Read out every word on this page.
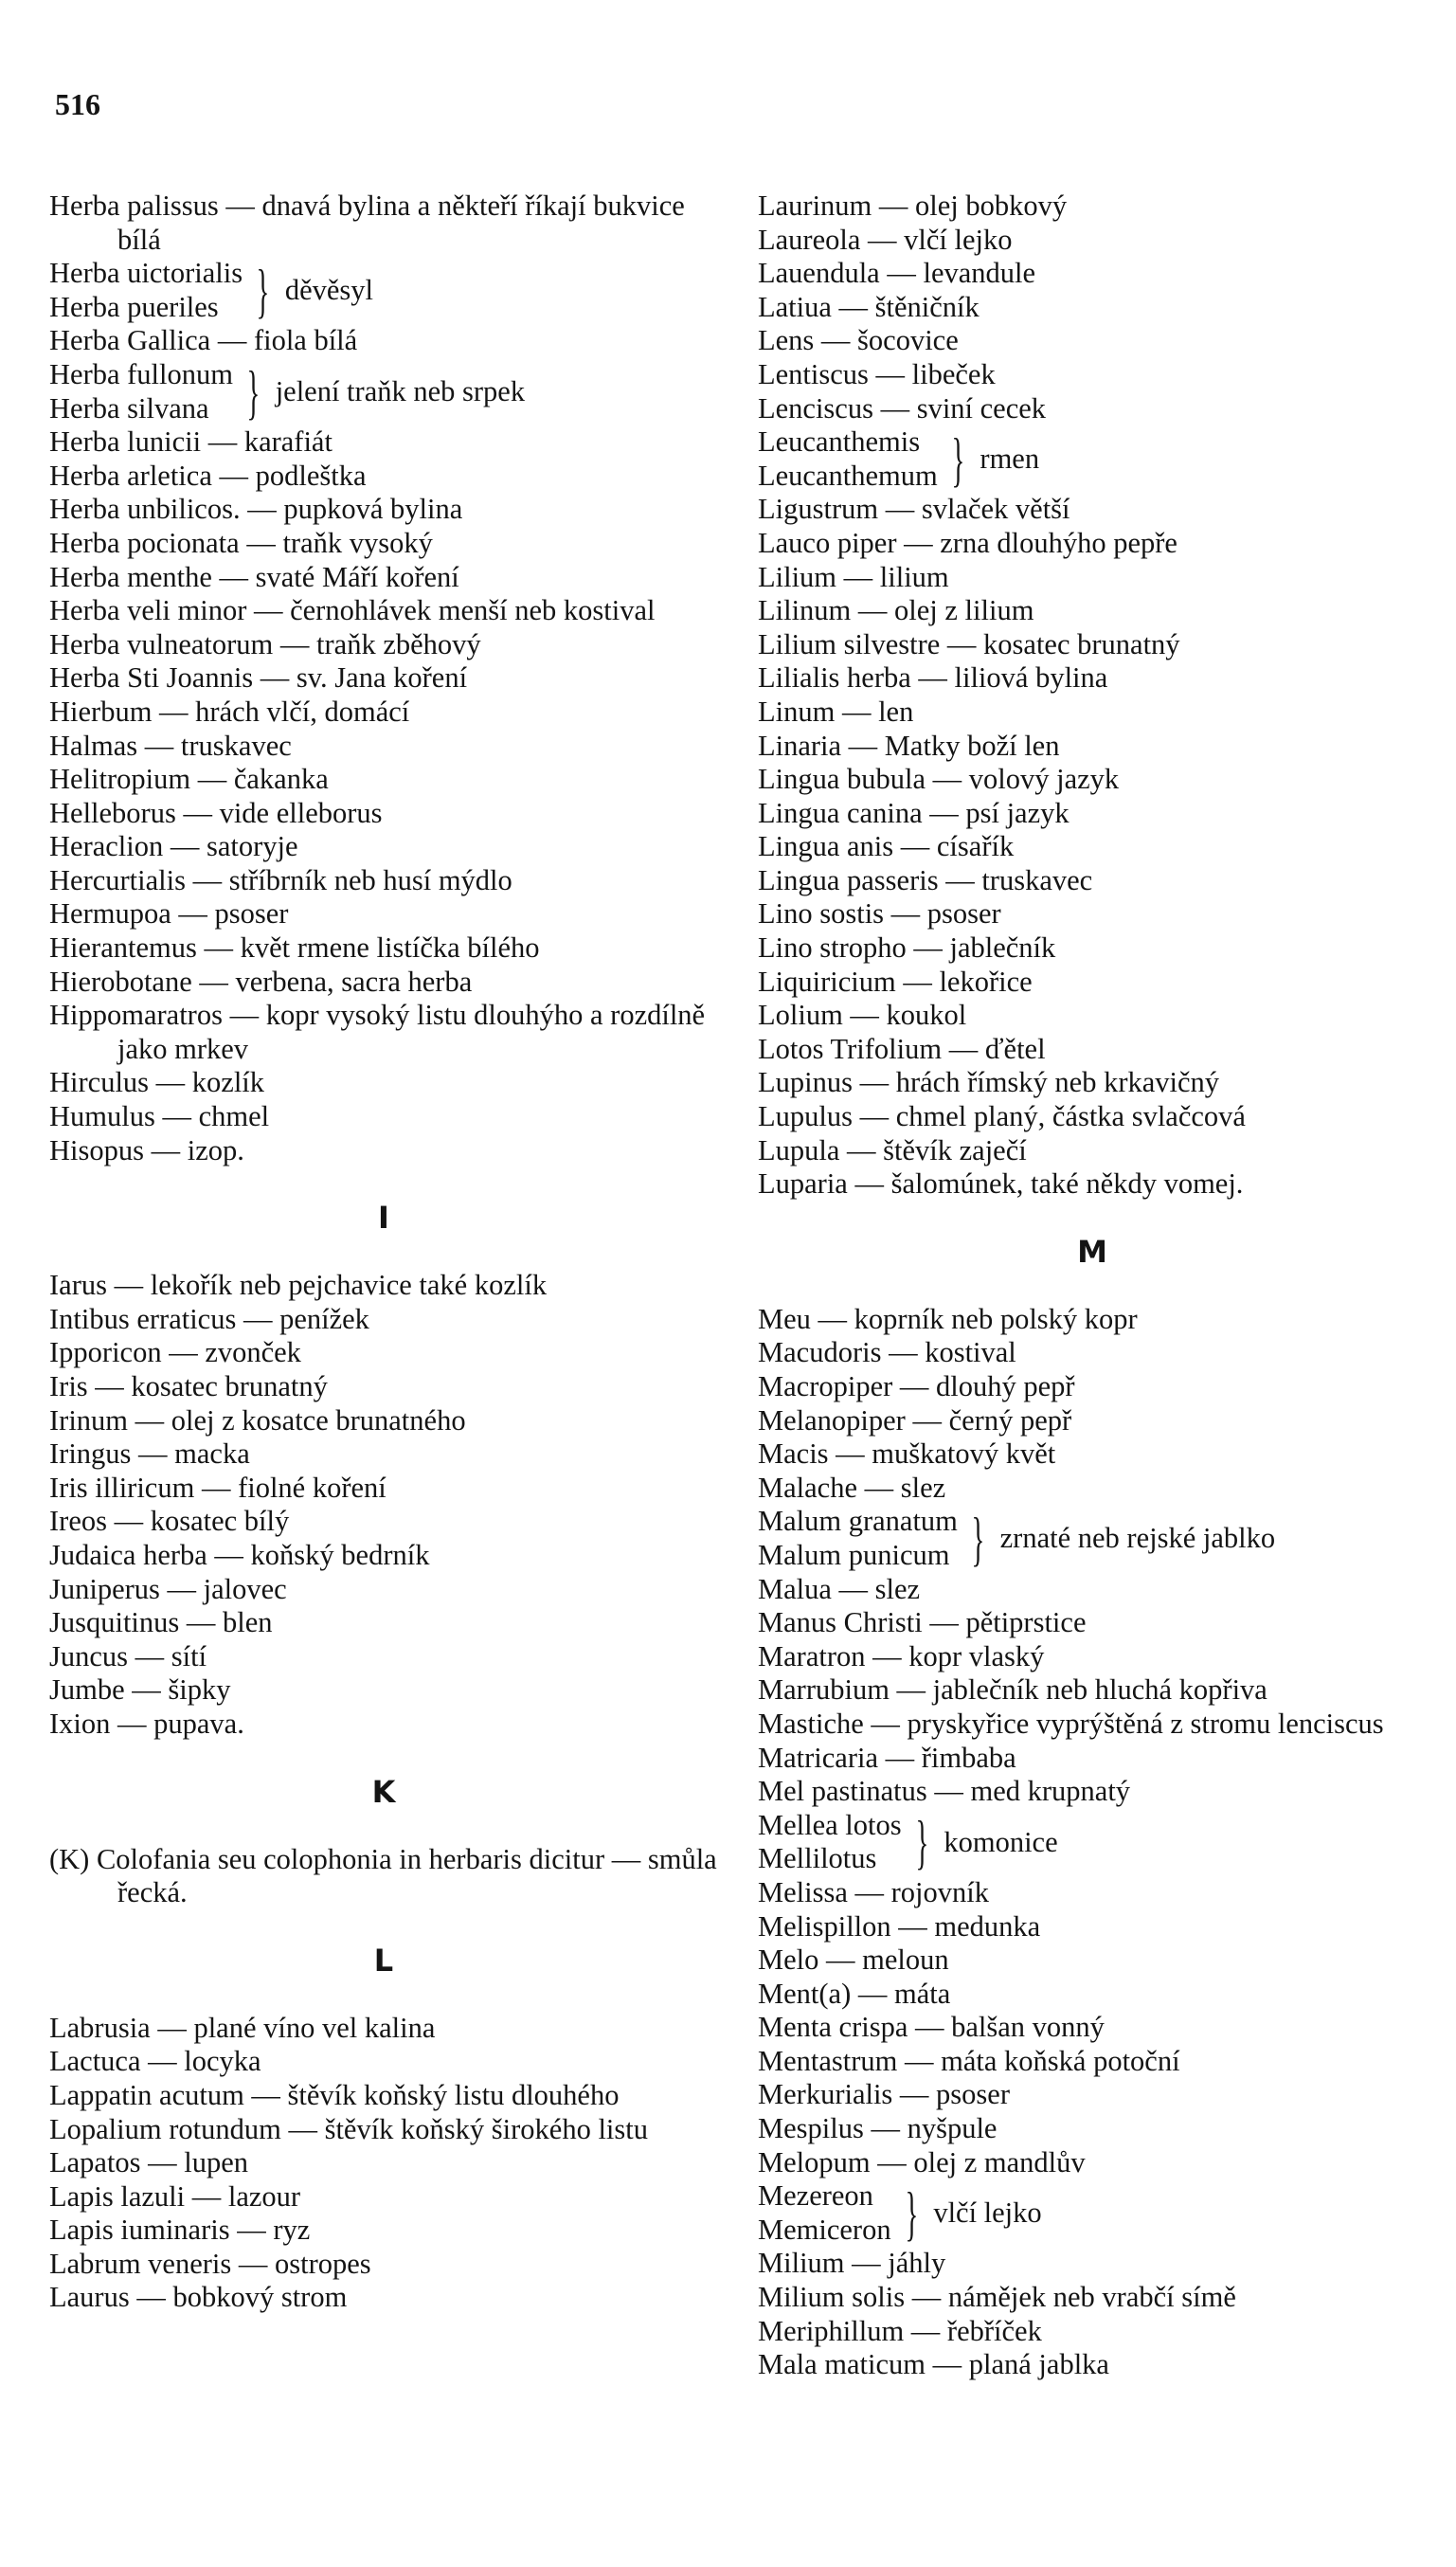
516
Herba palissus — dnavá bylina a někteří říkají bukvice bílá
Herba uictorialis
Herba pueriles } děvěsyl
Herba Gallica — fiola bílá
Herba fullonum
Herba silvana } jelení traňk neb srpek
Herba lunicii — karafiát
Herba arletica — podleštka
Herba unbilicos. — pupková bylina
Herba pocionata — traňk vysoký
Herba menthe — svaté Máří koření
Herba veli minor — černohlávek menší neb kostival
Herba vulneatorum — traňk zběhový
Herba Sti Joannis — sv. Jana koření
Hierbum — hrách vlčí, domácí
Halmas — truskavec
Helitropium — čakanka
Helleborus — vide elleborus
Heraclion — satoryje
Hercurtialis — stříbrník neb husí mýdlo
Hermupoa — psoser
Hierantemus — květ rmene listíčka bílého
Hierobotane — verbena, sacra herba
Hippomaratros — kopr vysoký listu dlouhýho a rozdílně jako mrkev
Hirculus — kozlík
Humulus — chmel
Hisopus — izop.
I
Iarus — lekořík neb pejchavice také kozlík
Intibus erraticus — penížek
Ipporicon — zvonček
Iris — kosatec brunatný
Irinum — olej z kosatce brunatného
Iringus — macka
Iris illiricum — fiolné koření
Ireos — kosatec bílý
Judaica herba — koňský bedrník
Juniperus — jalovec
Jusquitinus — blen
Juncus — sítí
Jumbe — šipky
Ixion — pupava.
K
(K) Colofania seu colophonia in herbaris dicitur — smůla řecká.
L
Labrusia — plané víno vel kalina
Lactuca — locyka
Lappatin acutum — štěvík koňský listu dlouhého
Lopalium rotundum — štěvík koňský širokého listu
Lapatos — lupen
Lapis lazuli — lazour
Lapis iuminaris — ryz
Labrum veneris — ostropes
Laurus — bobkový strom
Laurinum — olej bobkový
Laureola — vlčí lejko
Lauendula — levandule
Latiua — štěničník
Lens — šocovice
Lentiscus — libeček
Lenciscus — sviní cecek
Leucanthemis
Leucanthemum } rmen
Ligustrum — svlaček větší
Lauco piper — zrna dlouhýho pepře
Lilium — lilium
Lilinum — olej z lilium
Lilium silvestre — kosatec brunatný
Lilialis herba — liliová bylina
Linum — len
Linaria — Matky boží len
Lingua bubula — volový jazyk
Lingua canina — psí jazyk
Lingua anis — císařík
Lingua passeris — truskavec
Lino sostis — psoser
Lino stropho — jablečník
Liquiricium — lekořice
Lolium — koukol
Lotos Trifolium — ďětel
Lupinus — hrách římský neb krkavičný
Lupulus — chmel planý, částka svlačcová
Lupula — štěvík zaječí
Luparia — šalomúnek, také někdy vomej.
M
Meu — koprník neb polský kopr
Macudoris — kostival
Macropiper — dlouhý pepř
Melanopiper — černý pepř
Macis — muškatový květ
Malache — slez
Malum granatum
Malum punicum } zrnaté neb rejské jablko
Malua — slez
Manus Christi — pětiprstice
Maratron — kopr vlaský
Marrubium — jablečník neb hluchá kopřiva
Mastiche — pryskyřice vyprýštěná z stromu lenciscus
Matricaria — řimbaba
Mel pastinatus — med krupnatý
Mellea lotos
Mellilotus } komonice
Melissa — rojovník
Melispillon — medunka
Melo — meloun
Ment(a) — máta
Menta crispa — balšan vonný
Mentastrum — máta koňská potoční
Merkurialis — psoser
Mespilus — nyšpule
Melopum — olej z mandlův
Mezereon
Memiceron } vlčí lejko
Milium — jáhly
Milium solis — náměјek neb vrabčí símě
Meriphillum — řebříček
Mala maticum — planá jablka
